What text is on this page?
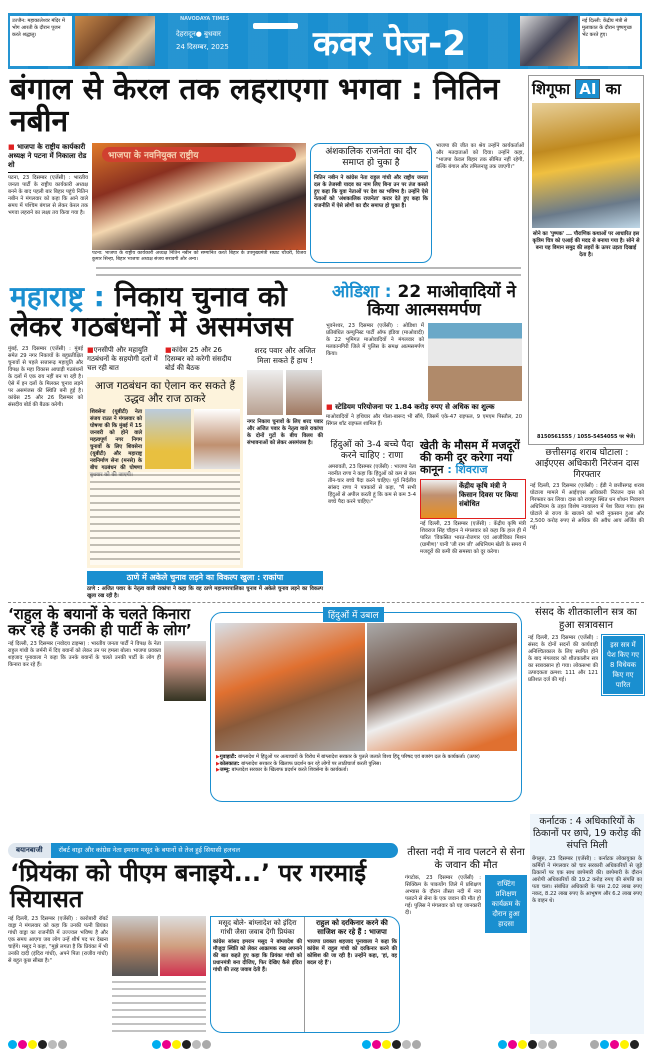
उज्जैन: महाकालेश्वर मंदिर में भोग आरती के दौरान पूजन करते श्रद्धालु।
NAVODAYA TIMES
देहरादून● बुधवार
24 दिसम्बर, 2025 कवर पेज-2
नई दिल्ली: केंद्रीय मंत्री से मुलाकात के दौरान पुष्पगुच्छ भेंट करते हुए।
बंगाल से केरल तक लहराएगा भगवा : नितिन नबीन
■ भाजपा के राष्ट्रीय कार्यकारी अध्यक्ष ने पटना में निकाला रोड शो
पटना, 23 दिसम्बर (एजेंसी) : भारतीय जनता पार्टी के राष्ट्रीय कार्यकारी अध्यक्ष बनने के बाद पहली बार बिहार पहुंचे नितिन नबीन ने मंगलवार को कहा कि आने वाले समय में पश्चिम बंगाल से लेकर केरल तक भगवा लहराने का लक्ष्य तय किया गया है।
भाजपा के नवनियुक्त राष्ट्रीय
पटना: भाजपा के राष्ट्रीय कार्यकारी अध्यक्ष नितिन नबीन को सम्मानित करते बिहार के उपमुख्यमंत्री सम्राट चौधरी, विजय कुमार सिन्हा, बिहार भाजपा अध्यक्ष संजय सरावगी और अन्य।
अंशकालिक राजनेता का दौर समाप्त हो चुका है
नितिन नबीन ने कांग्रेस नेता राहुल गांधी और राष्ट्रीय जनता दल के तेजस्वी यादव का नाम लिए बिना उन पर तंज कसते हुए कहा कि युवा नेताओं पर देश का भविष्य है। उन्होंने ऐसे नेताओं को 'अंशकालिक राजनेता' करार देते हुए कहा कि राजनीति में ऐसे लोगों का दौर समाप्त हो चुका है।
भाजपा की जीत का श्रेय उन्होंने कार्यकर्ताओं और मतदाताओं को दिया। उन्होंने कहा, "भाजपा केवल बिहार तक सीमित नहीं रहेगी, बल्कि बंगाल और तमिलनाडु तक जाएगी।"
शिगूफा AI का
सोने का 'पुष्पक' ... पौराणिक कथाओं पर आधारित इस कृत्रिम चित्र को एआई की मदद से बनाया गया है। सोने से बना यह विमान समुद्र की लहरों के ऊपर उड़ता दिखाई देता है।
8150561555 / 1055-5454055 पर भेजें।
महाराष्ट्र : निकाय चुनाव को लेकर गठबंधनों में असमंजस
मुंबई, 23 दिसम्बर (एजेंसी) : मुंबई समेत 29 नगर निकायों के बहुप्रतीक्षित चुनावों से पहले सत्तारूढ़ महायुति और विपक्ष के महा विकास आघाड़ी गठबंधनों के दलों में एक राय नहीं बन पा रही है। ऐसे में इन दलों के मिलकर चुनाव लड़ने पर असमंजस की स्थिति बनी हुई है। कांग्रेस 25 और 26 दिसम्बर को संसदीय बोर्ड की बैठक करेगी।
■एनसीपी और महायुति गठबंधनों के सहयोगी दलों में चल रही बात
■कांग्रेस 25 और 26 दिसम्बर को करेगी संसदीय बोर्ड की बैठक
आज गठबंधन का ऐलान कर सकते हैं उद्धव और राज ठाकरे
शिवसेना (यूबीटी) नेता संजय राउत ने मंगलवार को घोषणा की कि मुंबई में 15 जनवरी को होने वाले महत्वपूर्ण नगर निगम चुनावों के लिए शिवसेना (यूबीटी) और महाराष्ट्र नवनिर्माण सेना (मनसे) के बीच गठबंधन की घोषणा
शरद पवार और अजित मिला सकते हैं हाथ !
नगर निकाय चुनावों के लिए शरद पवार और अजित पवार के नेतृत्व वाले राकांपा के दोनों गुटों के बीच विलय की संभावनाओं को लेकर असमंजस है।
ठाणे में अकेले चुनाव लड़ने का विकल्प खुला : राकांपा
ठाणे : अजित पवार के नेतृत्व वाली राकांपा ने कहा कि वह ठाणे महानगरपालिका चुनाव में अकेले चुनाव लड़ने का विकल्प खुला रख रही है।
ओडिशा : 22 माओवादियों ने किया आत्मसमर्पण
भुवनेश्वर, 23 दिसम्बर (एजेंसी) : ओडिशा में प्रतिबंधित कम्युनिस्ट पार्टी ऑफ इंडिया (माओवादी) के 22 भूमिगत माओवादियों ने मंगलवार को मलकानगिरी जिले में पुलिस के समक्ष आत्मसमर्पण किया।
■ स्टेडियम परियोजना पर 1.84 करोड़ रुपए से अधिक का शुल्क
माओवादियों ने हथियार और गोला-बारूद भी सौंपे, जिसमें एके-47 राइफल, 9 एमएम पिस्तौल, 20 सिंगल शॉट राइफल शामिल हैं।
छत्तीसगढ़ शराब घोटाला : आईएएस अधिकारी निरंजन दास गिरफ्तार
नई दिल्ली, 23 दिसम्बर (एजेंसी) : ईडी ने छत्तीसगढ़ शराब घोटाला मामले में आईएएस अधिकारी निरंजन दास को गिरफ्तार कर लिया। दास को रायपुर स्थित धन शोधन निवारण अधिनियम के तहत विशेष न्यायालय में पेश किया गया। इस घोटाले से राज्य के खजाने को भारी नुकसान हुआ और 2,500 करोड़ रुपए से अधिक की अवैध आय अर्जित की गई।
हिंदुओं को 3-4 बच्चे पैदा करने चाहिए : राणा
अमरावती, 23 दिसम्बर (एजेंसी) : भाजपा नेता नवनीत राणा ने कहा कि हिंदुओं को कम से कम तीन-चार बच्चे पैदा करने चाहिए। पूर्व निर्दलीय सांसद राणा ने पत्रकारों से कहा, "मैं सभी हिंदुओं से अपील करती हूं कि कम से कम 3-4 बच्चे पैदा करने चाहिए।"
खेती के मौसम में मजदूरों की कमी दूर करेगा नया कानून : शिवराज
केंद्रीय कृषि मंत्री ने किसान दिवस पर किया संबोधित
नई दिल्ली, 23 दिसम्बर (एजेंसी) : केंद्रीय कृषि मंत्री शिवराज सिंह चौहान ने मंगलवार को कहा कि हाल ही में पारित 'विकसित भारत-रोजगार एवं आजीविका मिशन (ग्रामीण)' यानी 'जी राम जी' अधिनियम खेती के समय में मजदूरों की कमी की समस्या को दूर करेगा।
‘राहुल के बयानों के चलते किनारा कर रहे हैं उनकी ही पार्टी के लोग’
नई दिल्ली, 23 दिसम्बर (नवोदय टाइम्स) : भारतीय जनता पार्टी ने विपक्ष के नेता राहुल गांधी के जर्मनी में दिए बयानों को लेकर उन पर हमला बोला। भाजपा प्रवक्ता शहजाद पूनावाला ने कहा कि उनके बयानों के चलते उनकी पार्टी के लोग ही किनारा कर रहे हैं।
हिंदुओं में उबाल
▶गुवाहाटी: बांग्लादेश में हिंदुओं पर अत्याचारों के विरोध में बांग्लादेश सरकार के पुतले जलाते विश्व हिंदू परिषद एवं बजरंग दल के कार्यकर्ता। (ऊपर)
▶कोलकाता: बांग्लादेश सरकार के खिलाफ प्रदर्शन कर रहे लोगों पर लाठीचार्ज करती पुलिस।
▶जम्मू: बांग्लादेश सरकार के खिलाफ प्रदर्शन करते शिवसेना के कार्यकर्ता।
संसद के शीतकालीन सत्र का हुआ सत्रावसान
नई दिल्ली, 23 दिसम्बर (एजेंसी) : संसद के दोनों सदनों की कार्यवाही अनिश्चितकाल के लिए स्थगित होने के बाद मंगलवार को शीतकालीन सत्र का सत्रावसान हो गया। लोकसभा की उत्पादकता क्रमश: 111 और 121 प्रतिशत दर्ज की गई।
इस सत्र में पेश किए गए 8 विधेयक किए गए पारित
कर्नाटक : 4 अधिकारियों के ठिकानों पर छापे, 19 करोड़ की संपत्ति मिली
बेंगलुरु, 23 दिसम्बर (एजेंसी) : कर्नाटक लोकायुक्त के कर्मियों ने मंगलवार को चार सरकारी अधिकारियों से जुड़े ठिकानों पर एक साथ छापेमारी की। छापेमारी के दौरान आरोपी अधिकारियों की 19.2 करोड़ रुपए की संपत्ति का पता चला। संबंधित अधिकारी के पास 2.02 लाख रुपए नकद, 8.22 लाख रुपए के आभूषण और 6.2 लाख रुपए के वाहन थे।
बयानबाजी	रॉबर्ट वाड्रा और कांग्रेस नेता इमरान मसूद के बयानों से तेज हुई सियासी हलचल
‘प्रियंका को पीएम बनाइये...’ पर गरमाई सियासत
नई दिल्ली, 23 दिसम्बर (एजेंसी) : कारोबारी रॉबर्ट वाड्रा ने मंगलवार को कहा कि उनकी पत्नी प्रियंका गांधी वाड्रा का राजनीति में उज्ज्वल भविष्य है और एक समय आएगा जब लोग उन्हें शीर्ष पद पर देखना चाहेंगे। मसूद ने कहा, "मुझे लगता है कि प्रियंका में भी उनकी दादी (इंदिरा गांधी), अपने पिता (राजीव गांधी) से बहुत कुछ सीखा है।"
मसूद बोले- बांग्लादेश को इंदिरा गांधी जैसा जवाब देंगी प्रियंका
कांग्रेस सांसद इमरान मसूद ने बांग्लादेश की मौजूदा स्थिति को लेकर आक्रामक रुख अपनाने की बात कहते हुए कहा कि प्रियंका गांधी को प्रधानमंत्री बना दीजिए, फिर देखिए कैसे इंदिरा गांधी की तरह जवाब देती हैं।
राहुल को दरकिनार करने की साजिश कर रहे हैं : भाजपा
भाजपा प्रवक्ता शहजाद पूनावाला ने कहा कि कांग्रेस में राहुल गांधी को दरकिनार करने की कोशिश की जा रही है। उन्होंने कहा, 'हां, वह बदल रहे हैं'।
तीस्ता नदी में नाव पलटने से सेना के जवान की मौत
गंगटोक, 23 दिसम्बर (एजेंसी) : सिक्किम के पाकयोंग जिले में प्रशिक्षण अभ्यास के दौरान तीस्ता नदी में नाव पलटने से सेना के एक जवान की मौत हो गई। पुलिस ने मंगलवार को यह जानकारी दी।
राफ्टिंग प्रशिक्षण कार्यक्रम के दौरान हुआ हादसा
